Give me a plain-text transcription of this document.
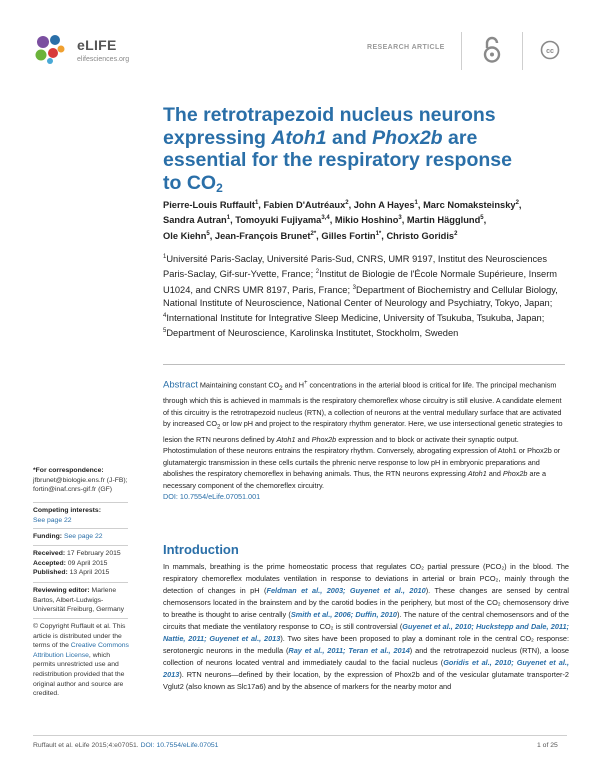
eLIFE
elifesciences.org
RESEARCH ARTICLE
cc
The retrotrapezoid nucleus neurons
expressing Atoh1 and Phox2b are
essential for the respiratory response
to $CO_2$
Pierre-Louis Ruffault$^1$, Fabien D'Autréaux$^2$, John A Hayes$^1$, Marc Nomaksteinsky$^2$,
Sandra Autran$^1$, Tomoyuki Fujiyama$^{3,4}$, Mikio Hoshino$^3$, Martin Hägglund$^5$,
Ole Kiehn$^5$, Jean-François Brunet$^{2*}$, Gilles Fortin$^{1*}$, Christo Goridis$^2$
$^1$Université Paris-Saclay, Université Paris-Sud, CNRS, UMR 9197, Institut des Neurosciences Paris-Saclay, Gif-sur-Yvette, France; $^2$Institut de Biologie de l'École Normale Supérieure, Inserm U1024, and CNRS UMR 8197, Paris, France; $^3$Department of Biochemistry and Cellular Biology, National Institute of Neuroscience, National Center of Neurology and Psychiatry, Tokyo, Japan; $^4$International Institute for Integrative Sleep Medicine, University of Tsukuba, Tsukuba, Japan; $^5$Department of Neuroscience, Karolinska Institutet, Stockholm, Sweden
Abstract Maintaining constant $CO_2$ and H+ concentrations in the arterial blood is critical for life. The principal mechanism through which this is achieved in mammals is the respiratory chemoreflex whose circuitry is still elusive. A candidate element of this circuitry is the retrotrapezoid nucleus (RTN), a collection of neurons at the ventral medullary surface that are activated by increased $CO_2$ or low pH and project to the respiratory rhythm generator. Here, we use intersectional genetic strategies to lesion the RTN neurons defined by Atoh1 and Phox2b expression and to block or activate their synaptic output. Photostimulation of these neurons entrains the respiratory rhythm. Conversely, abrogating expression of Atoh1 or Phox2b or glutamatergic transmission in these cells curtails the phrenic nerve response to low pH in embryonic preparations and abolishes the respiratory chemoreflex in behaving animals. Thus, the RTN neurons expressing Atoh1 and Phox2b are a necessary component of the chemoreflex circuitry.
DOI: 10.7554/eLife.07051.001
*For correspondence: jfbrunet@biologie.ens.fr (J-FB); fortin@inaf.cnrs-gif.fr (GF)
Competing interests:
See page 22
Funding: See page 22
Received: 17 February 2015
Accepted: 09 April 2015
Published: 13 April 2015
Reviewing editor: Marlene Bartos, Albert-Ludwigs-Universität Freiburg, Germany
© Copyright Ruffault et al. This article is distributed under the terms of the Creative Commons Attribution License, which permits unrestricted use and redistribution provided that the original author and source are credited.
Introduction
In mammals, breathing is the prime homeostatic process that regulates CO₂ partial pressure (PCO₂) in the blood. The respiratory chemoreflex modulates ventilation in response to deviations in arterial or brain PCO₂, mainly through the detection of changes in pH (Feldman et al., 2003; Guyenet et al., 2010). These changes are sensed by central chemosensors located in the brainstem and by the carotid bodies in the periphery, but most of the CO₂ chemosensory drive to breathe is thought to arise centrally (Smith et al., 2006; Duffin, 2010). The nature of the central chemosensors and of the circuits that mediate the ventilatory response to CO₂ is still controversial (Guyenet et al., 2010; Huckstepp and Dale, 2011; Nattie, 2011; Guyenet et al., 2013). Two sites have been proposed to play a dominant role in the central CO₂ response: serotonergic neurons in the medulla (Ray et al., 2011; Teran et al., 2014) and the retrotrapezoid nucleus (RTN), a loose collection of neurons located ventral and immediately caudal to the facial nucleus (Goridis et al., 2010; Guyenet et al., 2013). RTN neurons—defined by their location, by the expression of Phox2b and of the vesicular glutamate transporter-2 Vglut2 (also known as Slc17a6) and by the absence of markers for the nearby motor and
Ruffault et al. eLife 2015;4:e07051. DOI: 10.7554/eLife.07051	1 of 25
